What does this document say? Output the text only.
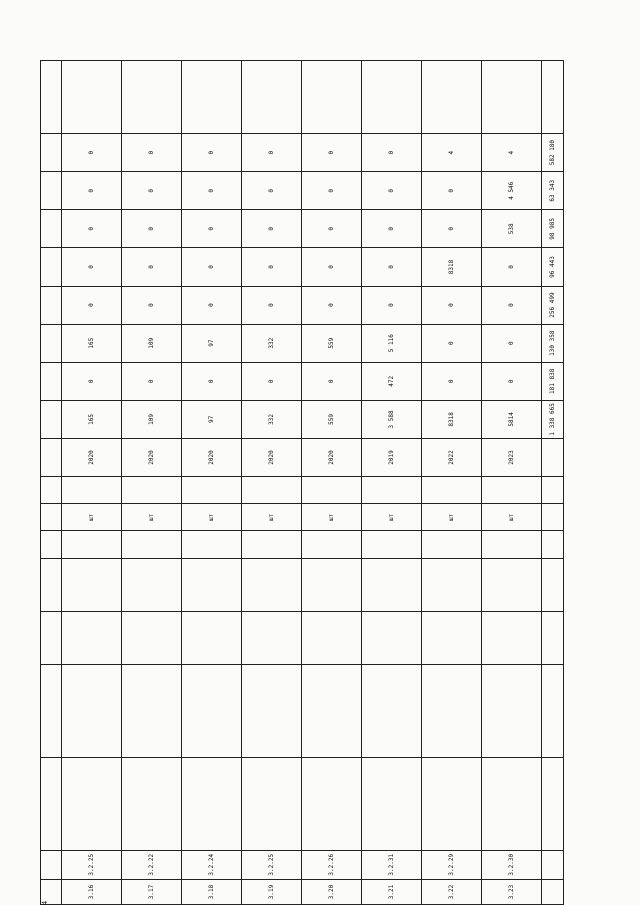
4

3.16	3.2.25						шт		2020	165	0	165	0	0	0	0	0	
3.17	3.2.22						шт		2020	109	0	109	0	0	0	0	0	
3.18	3.2.24						шт		2020	97	0	97	0	0	0	0	0	
3.19	3.2.25						шт		2020	332	0	332	0	0	0	0	0	
3.20	3.2.26						шт		2020	559	0	559	0	0	0	0	0	
3.21	3.2.31						шт		2019	3 588	472	5 116	0	0	0	0	0	
3.22	3.2.29						шт		2022	8318	0	0	0	8318	0	0	4	
3.23	3.2.30						шт		2023	5814	0	0	0	0	538	4 546	4	
										1 338 665	181 838	130 358	256 499	96 443	98 985	63 343	582 180	
